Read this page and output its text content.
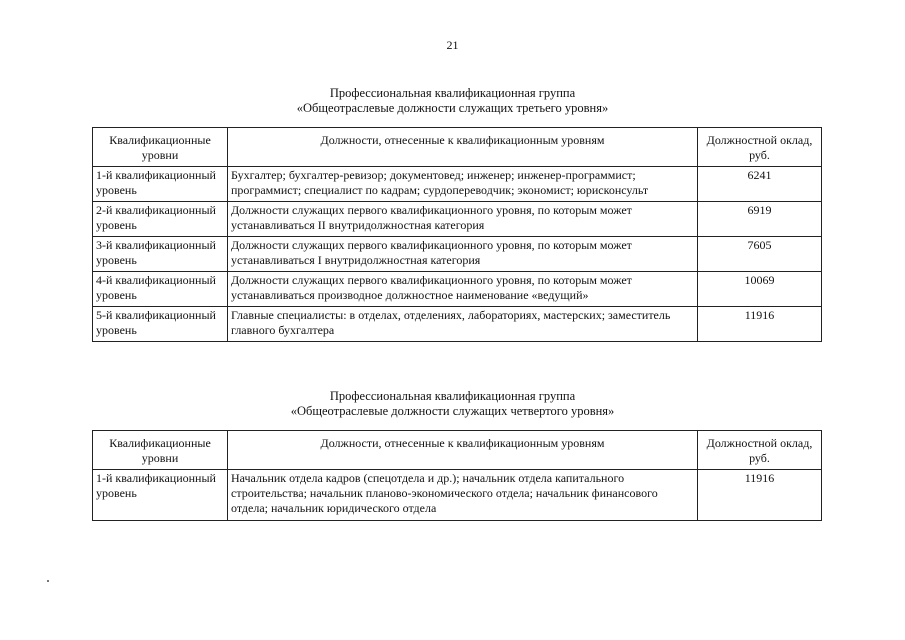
21
Профессиональная квалификационная группа
«Общеотраслевые должности служащих третьего уровня»
Квалификационные уровни	Должности, отнесенные к квалификационным уровням	Должностной оклад, руб.
1-й квалификационный уровень	Бухгалтер; бухгалтер-ревизор; документовед; инженер; инженер-программист; программист; специалист по кадрам; сурдопереводчик; экономист; юрисконсульт	6241
2-й квалификационный уровень	Должности служащих первого квалификационного уровня, по которым может устанавливаться II внутридолжностная категория	6919
3-й квалификационный уровень	Должности служащих первого квалификационного уровня, по которым может устанавливаться I внутридолжностная категория	7605
4-й квалификационный уровень	Должности служащих первого квалификационного уровня, по которым может устанавливаться производное должностное наименование «ведущий»	10069
5-й квалификационный уровень	Главные специалисты: в отделах, отделениях, лабораториях, мастерских; заместитель главного бухгалтера	11916
Профессиональная квалификационная группа
«Общеотраслевые должности служащих четвертого уровня»
Квалификационные уровни	Должности, отнесенные к квалификационным уровням	Должностной оклад, руб.
1-й квалификационный уровень	Начальник отдела кадров (спецотдела и др.); начальник отдела капитального строительства; начальник планово-экономического отдела; начальник финансового отдела; начальник юридического отдела	11916
